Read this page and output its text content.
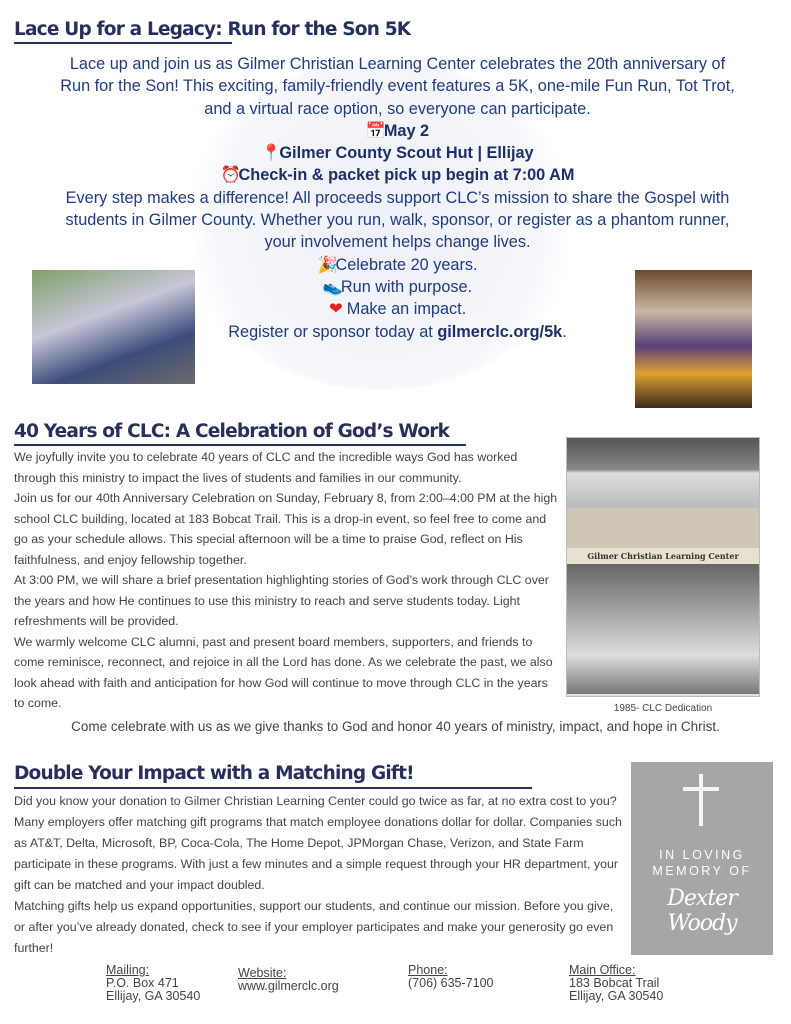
Lace Up for a Legacy: Run for the Son 5K
Lace up and join us as Gilmer Christian Learning Center celebrates the 20th anniversary of Run for the Son! This exciting, family-friendly event features a 5K, one-mile Fun Run, Tot Trot, and a virtual race option, so everyone can participate.
📅May 2
📍Gilmer County Scout Hut | Ellijay
⏰Check-in & packet pick up begin at 7:00 AM
Every step makes a difference! All proceeds support CLC’s mission to share the Gospel with students in Gilmer County. Whether you run, walk, sponsor, or register as a phantom runner, your involvement helps change lives.
🎉Celebrate 20 years.
👟Run with purpose.
❤ Make an impact.
Register or sponsor today at gilmerclc.org/5k.
40 Years of CLC: A Celebration of God’s Work

We joyfully invite you to celebrate 40 years of CLC and the incredible ways God has worked through this ministry to impact the lives of students and families in our community.

Join us for our 40th Anniversary Celebration on Sunday, February 8, from 2:00–4:00 PM at the high school CLC building, located at 183 Bobcat Trail. This is a drop-in event, so feel free to come and go as your schedule allows. This special afternoon will be a time to praise God, reflect on His faithfulness, and enjoy fellowship together.

At 3:00 PM, we will share a brief presentation highlighting stories of God’s work through CLC over the years and how He continues to use this ministry to reach and serve students today. Light refreshments will be provided.

We warmly welcome CLC alumni, past and present board members, supporters, and friends to come reminisce, reconnect, and rejoice in all the Lord has done. As we celebrate the past, we also look ahead with faith and anticipation for how God will continue to move through CLC in the years to come.

Gilmer Christian Learning Center
1985- CLC Dedication
Come celebrate with us as we give thanks to God and honor 40 years of ministry, impact, and hope in Christ.
Double Your Impact with a Matching Gift!

Did you know your donation to Gilmer Christian Learning Center could go twice as far, at no extra cost to you? Many employers offer matching gift programs that match employee donations dollar for dollar. Companies such as AT&T, Delta, Microsoft, BP, Coca-Cola, The Home Depot, JPMorgan Chase, Verizon, and State Farm participate in these programs. With just a few minutes and a simple request through your HR department, your gift can be matched and your impact doubled.

Matching gifts help us expand opportunities, support our students, and continue our mission. Before you give, or after you’ve already donated, check to see if your employer participates and make your generosity go even further!

IN LOVING
MEMORY OF
Dexter Woody
Mailing:
P.O. Box 471
Ellijay, GA 30540
Website:
www.gilmerclc.org
Phone:
(706) 635-7100
Main Office:
183 Bobcat Trail
Ellijay, GA 30540
